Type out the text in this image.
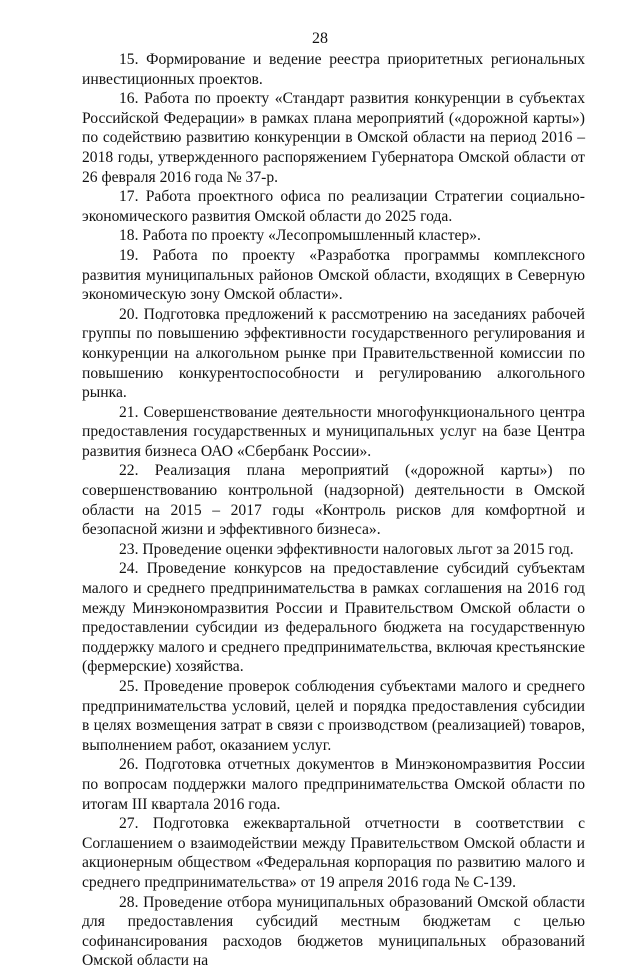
28

15. Формирование и ведение реестра приоритетных региональных инвестиционных проектов.

16. Работа по проекту «Стандарт развития конкуренции в субъектах Российской Федерации» в рамках плана мероприятий («дорожной карты») по содействию развитию конкуренции в Омской области на период 2016 – 2018 годы, утвержденного распоряжением Губернатора Омской области от 26 февраля 2016 года № 37-р.

17. Работа проектного офиса по реализации Стратегии социально-экономического развития Омской области до 2025 года.

18. Работа по проекту «Лесопромышленный кластер».

19. Работа по проекту «Разработка программы комплексного развития муниципальных районов Омской области, входящих в Северную экономическую зону Омской области».

20. Подготовка предложений к рассмотрению на заседаниях рабочей группы по повышению эффективности государственного регулирования и конкуренции на алкогольном рынке при Правительственной комиссии по повышению конкурентоспособности и регулированию алкогольного рынка.

21. Совершенствование деятельности многофункционального центра предоставления государственных и муниципальных услуг на базе Центра развития бизнеса ОАО «Сбербанк России».

22. Реализация плана мероприятий («дорожной карты») по совершенствованию контрольной (надзорной) деятельности в Омской области на 2015 – 2017 годы «Контроль рисков для комфортной и безопасной жизни и эффективного бизнеса».

23. Проведение оценки эффективности налоговых льгот за 2015 год.

24. Проведение конкурсов на предоставление субсидий субъектам малого и среднего предпринимательства в рамках соглашения на 2016 год между Минэкономразвития России и Правительством Омской области о предоставлении субсидии из федерального бюджета на государственную поддержку малого и среднего предпринимательства, включая крестьянские (фермерские) хозяйства.

25. Проведение проверок соблюдения субъектами малого и среднего предпринимательства условий, целей и порядка предоставления субсидии в целях возмещения затрат в связи с производством (реализацией) товаров, выполнением работ, оказанием услуг.

26. Подготовка отчетных документов в Минэкономразвития России по вопросам поддержки малого предпринимательства Омской области по итогам III квартала 2016 года.

27. Подготовка ежеквартальной отчетности в соответствии с Соглашением о взаимодействии между Правительством Омской области и акционерным обществом «Федеральная корпорация по развитию малого и среднего предпринимательства» от 19 апреля 2016 года № С-139.

28. Проведение отбора муниципальных образований Омской области для предоставления субсидий местным бюджетам с целью софинансирования расходов бюджетов муниципальных образований Омской области на
